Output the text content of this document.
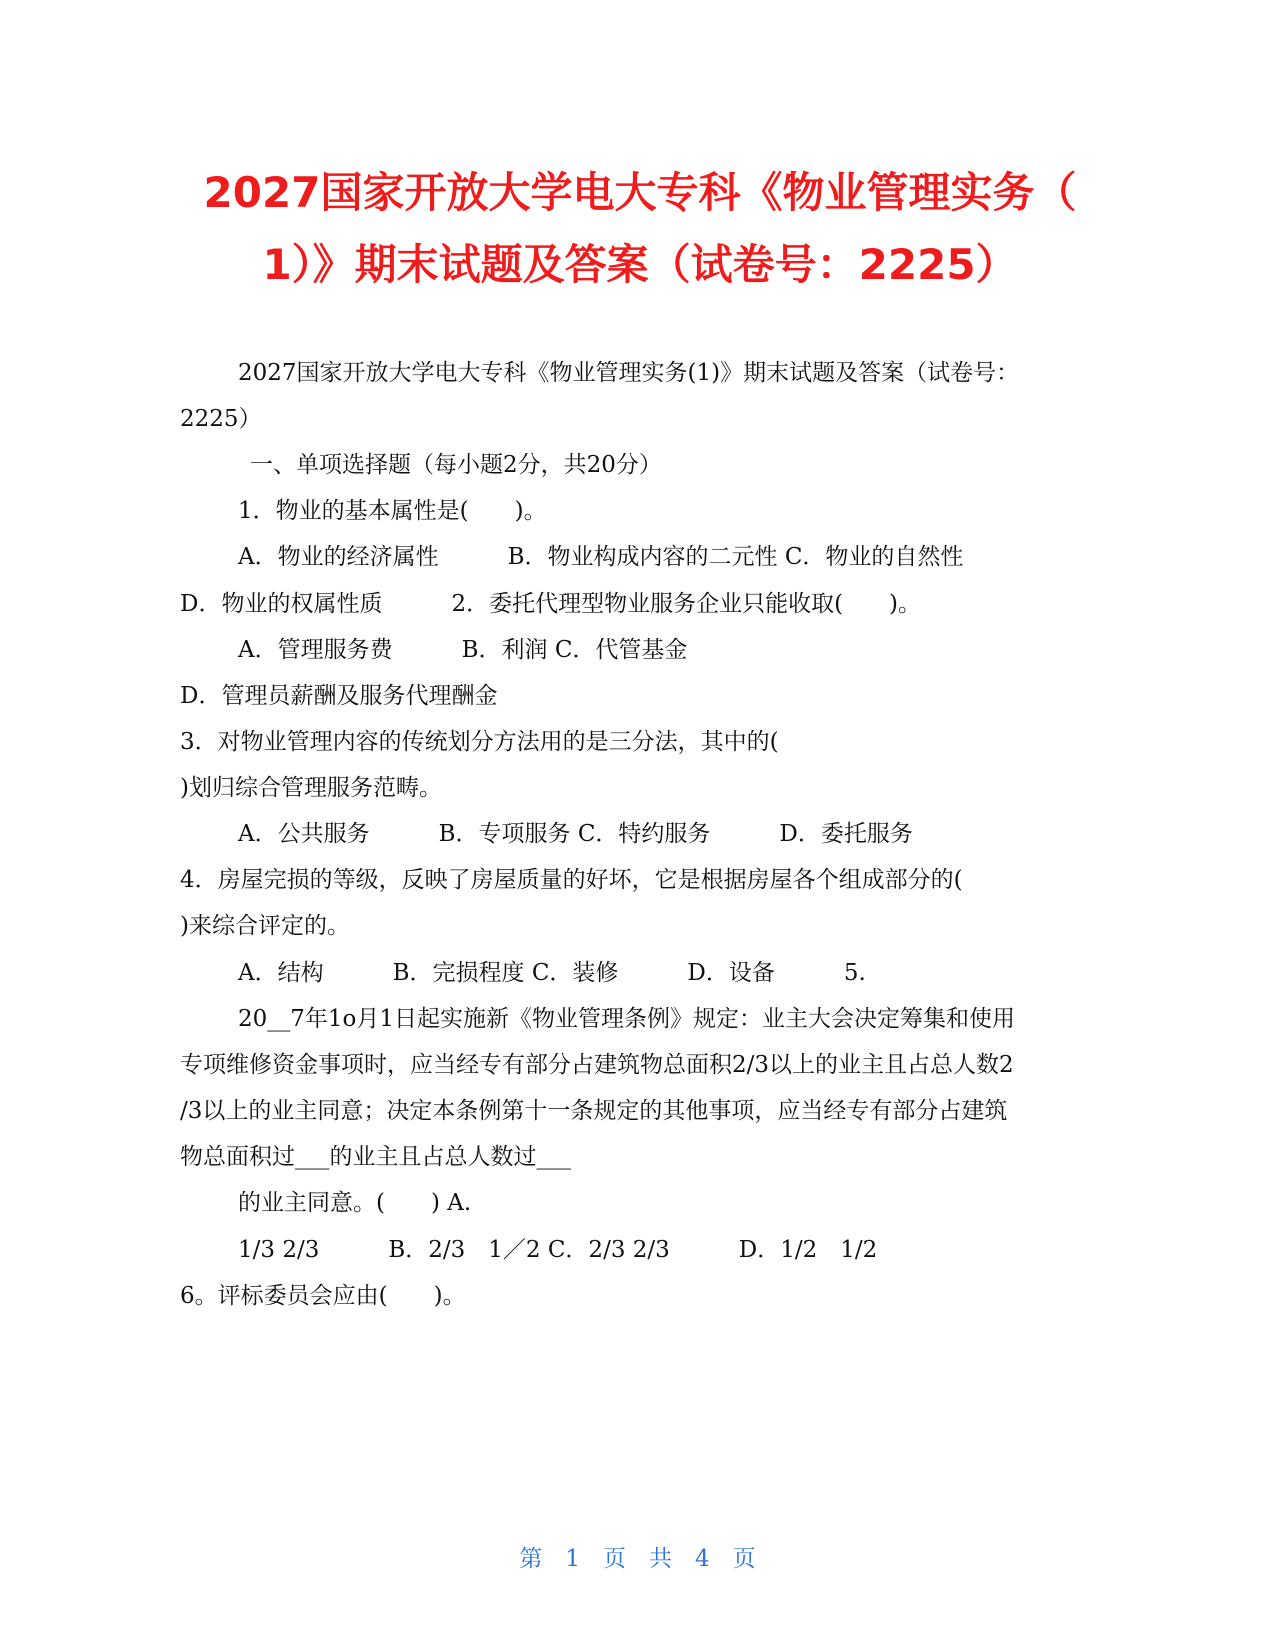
2027国家开放大学电大专科《物业管理实务（
1）》期末试题及答案（试卷号：2225）
2027国家开放大学电大专科《物业管理实务(1)》期末试题及答案（试卷号：
2225）
一、单项选择题（每小题2分，共20分）
1．物业的基本属性是(　　)。
A．物业的经济属性　　　B．物业构成内容的二元性 C．物业的自然性
D．物业的权属性质　　　2．委托代理型物业服务企业只能收取(　　)。
A．管理服务费　　　B．利润 C．代管基金
D．管理员薪酬及服务代理酬金
3．对物业管理内容的传统划分方法用的是三分法，其中的(
)划归综合管理服务范畴。
A．公共服务　　　B．专项服务 C．特约服务　　　D．委托服务
4．房屋完损的等级，反映了房屋质量的好坏，它是根据房屋各个组成部分的(
)来综合评定的。
A．结构　　　B．完损程度 C．装修　　　D．设备　　　5.
20__7年1o月1日起实施新《物业管理条例》规定：业主大会决定筹集和使用
专项维修资金事项时，应当经专有部分占建筑物总面积2/3以上的业主且占总人数2
/3以上的业主同意；决定本条例第十一条规定的其他事项，应当经专有部分占建筑
物总面积过___的业主且占总人数过___
的业主同意。(　　) A.
1/3 2/3　　　B．2/3　1／2 C．2/3 2/3　　　D．1/2　1/2
6。评标委员会应由(　　)。
第　1　页　共　4　页
